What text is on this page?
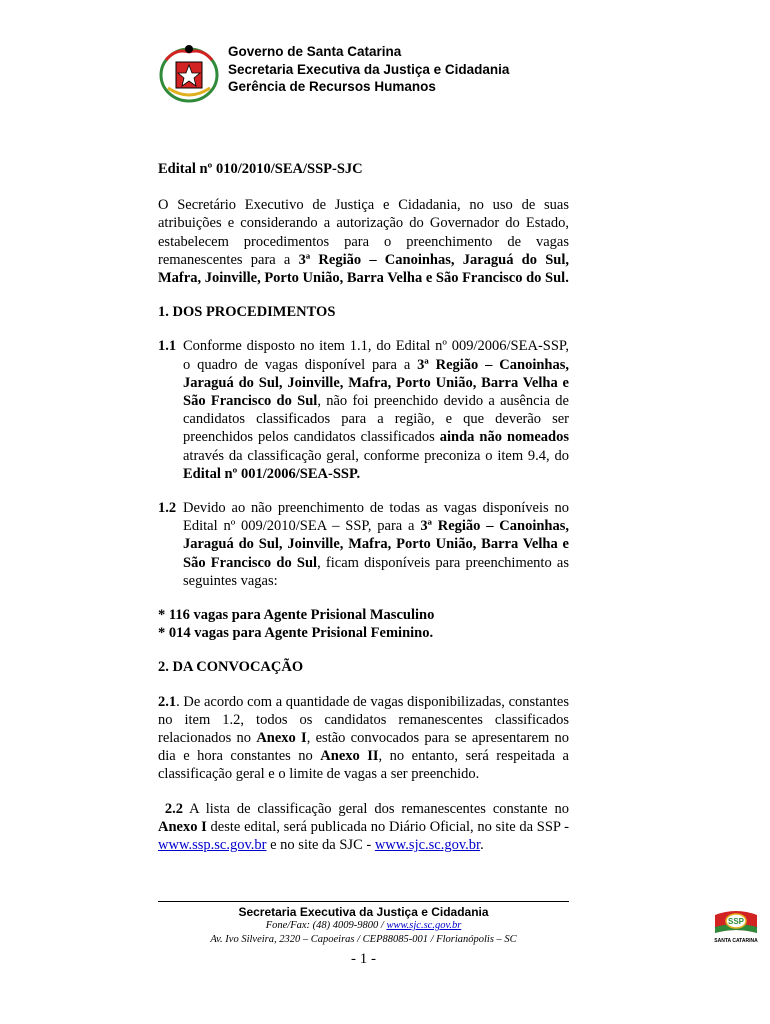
Governo de Santa Catarina
Secretaria Executiva da Justiça e Cidadania
Gerência de Recursos Humanos

Edital nº 010/2010/SEA/SSP-SJC

O Secretário Executivo de Justiça e Cidadania, no uso de suas atribuições e considerando a autorização do Governador do Estado, estabelecem procedimentos para o preenchimento de vagas remanescentes para a 3ª Região – Canoinhas, Jaraguá do Sul, Mafra, Joinville, Porto União, Barra Velha e São Francisco do Sul.

1. DOS PROCEDIMENTOS

1.1 Conforme disposto no item 1.1, do Edital nº 009/2006/SEA-SSP, o quadro de vagas disponível para a 3ª Região – Canoinhas, Jaraguá do Sul, Joinville, Mafra, Porto União, Barra Velha e São Francisco do Sul, não foi preenchido devido a ausência de candidatos classificados para a região, e que deverão ser preenchidos pelos candidatos classificados ainda não nomeados através da classificação geral, conforme preconiza o item 9.4, do Edital nº 001/2006/SEA-SSP.
1.2 Devido ao não preenchimento de todas as vagas disponíveis no Edital nº 009/2010/SEA – SSP, para a 3ª Região – Canoinhas, Jaraguá do Sul, Joinville, Mafra, Porto União, Barra Velha e São Francisco do Sul, ficam disponíveis para preenchimento as seguintes vagas:
* 116 vagas para Agente Prisional Masculino
* 014 vagas para Agente Prisional Feminino.

2. DA CONVOCAÇÃO

2.1. De acordo com a quantidade de vagas disponibilizadas, constantes no item 1.2, todos os candidatos remanescentes classificados relacionados no Anexo I, estão convocados para se apresentarem no dia e hora constantes no Anexo II, no entanto, será respeitada a classificação geral e o limite de vagas a ser preenchido.

2.2 A lista de classificação geral dos remanescentes constante no Anexo I deste edital, será publicada no Diário Oficial, no site da SSP - www.ssp.sc.gov.br e no site da SJC - www.sjc.sc.gov.br.

Secretaria Executiva da Justiça e Cidadania
Fone/Fax: (48) 4009-9800 / www.sjc.sc.gov.br
Av. Ivo Silveira, 2320 – Capoeiras / CEP88085-001 / Florianópolis – SC
- 1 -
SSP
SANTA CATARINA
